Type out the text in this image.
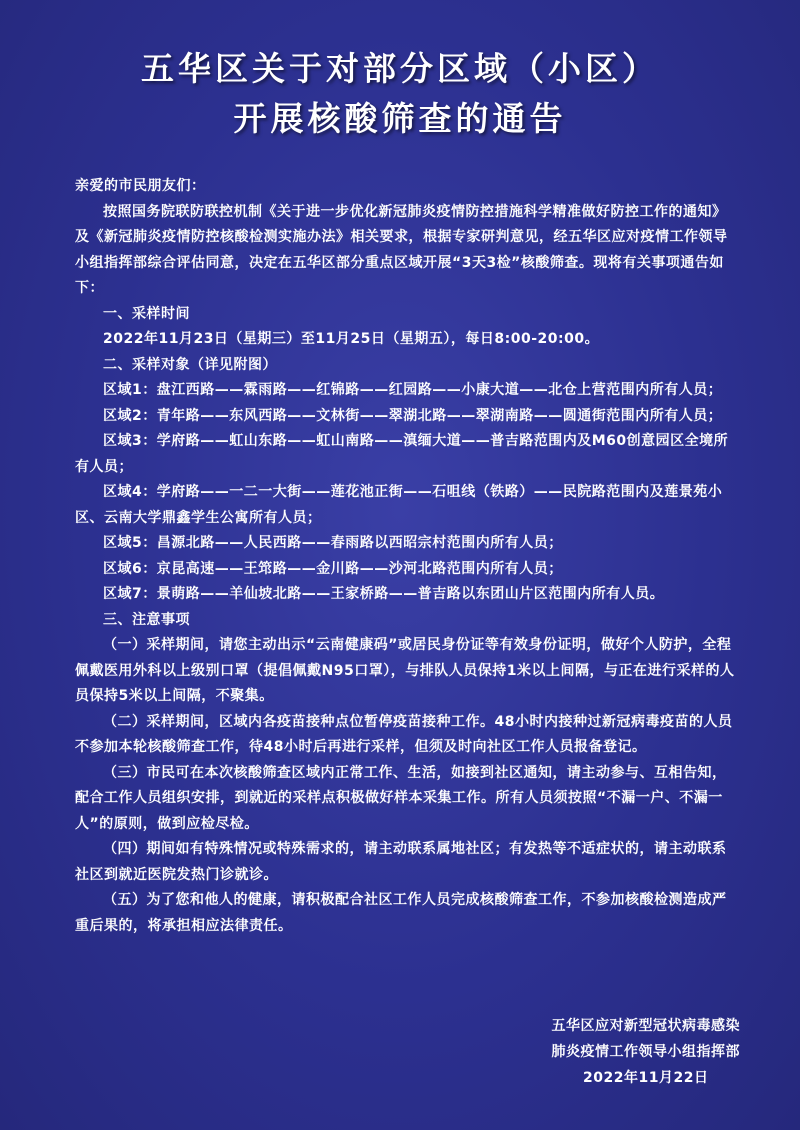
五华区关于对部分区域（小区）
开展核酸筛查的通告

亲爱的市民朋友们：

按照国务院联防联控机制《关于进一步优化新冠肺炎疫情防控措施科学精准做好防控工作的通知》及《新冠肺炎疫情防控核酸检测实施办法》相关要求，根据专家研判意见，经五华区应对疫情工作领导小组指挥部综合评估同意，决定在五华区部分重点区域开展“3天3检”核酸筛查。现将有关事项通告如下：

一、采样时间

2022年11月23日（星期三）至11月25日（星期五），每日8:00-20:00。

二、采样对象（详见附图）

区域1：盘江西路——霖雨路——红锦路——红园路——小康大道——北仓上营范围内所有人员；

区域2：青年路——东风西路——文林街——翠湖北路——翠湖南路——圆通街范围内所有人员；

区域3：学府路——虹山东路——虹山南路——滇缅大道——普吉路范围内及M60创意园区全境所有人员；

区域4：学府路——一二一大街——莲花池正街——石咀线（铁路）——民院路范围内及莲景苑小区、云南大学鼎鑫学生公寓所有人员；

区域5：昌源北路——人民西路——春雨路以西昭宗村范围内所有人员；

区域6：京昆高速——王筇路——金川路——沙河北路范围内所有人员；

区域7：景萌路——羊仙坡北路——王家桥路——普吉路以东团山片区范围内所有人员。

三、注意事项

（一）采样期间，请您主动出示“云南健康码”或居民身份证等有效身份证明，做好个人防护，全程佩戴医用外科以上级别口罩（提倡佩戴N95口罩），与排队人员保持1米以上间隔，与正在进行采样的人员保持5米以上间隔，不聚集。

（二）采样期间，区域内各疫苗接种点位暂停疫苗接种工作。48小时内接种过新冠病毒疫苗的人员不参加本轮核酸筛查工作，待48小时后再进行采样，但须及时向社区工作人员报备登记。

（三）市民可在本次核酸筛查区域内正常工作、生活，如接到社区通知，请主动参与、互相告知，配合工作人员组织安排，到就近的采样点积极做好样本采集工作。所有人员须按照“不漏一户、不漏一人”的原则，做到应检尽检。

（四）期间如有特殊情况或特殊需求的，请主动联系属地社区；有发热等不适症状的，请主动联系社区到就近医院发热门诊就诊。

（五）为了您和他人的健康，请积极配合社区工作人员完成核酸筛查工作，不参加核酸检测造成严重后果的，将承担相应法律责任。

五华区应对新型冠状病毒感染
肺炎疫情工作领导小组指挥部
2022年11月22日
